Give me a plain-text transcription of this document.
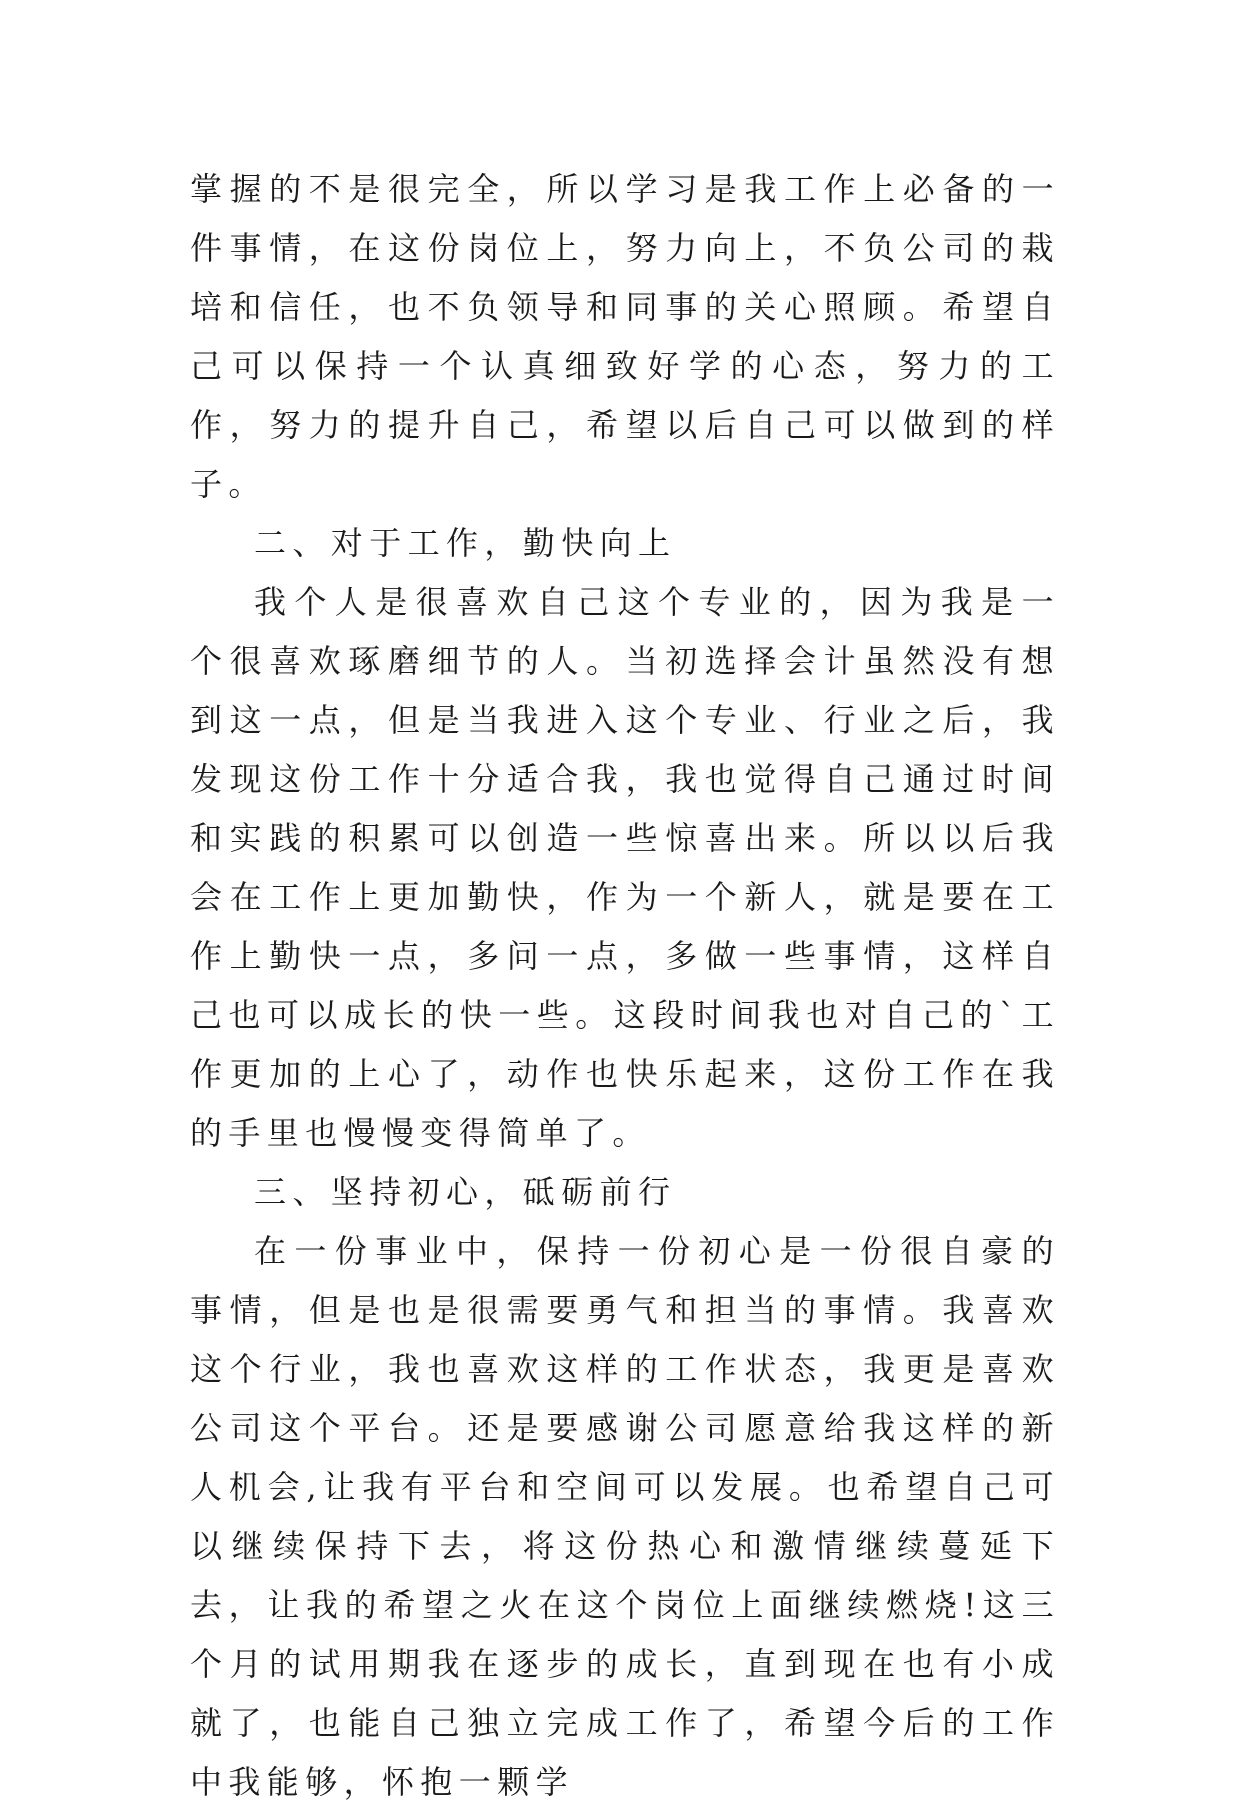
掌握的不是很完全，所以学习是我工作上必备的一件事情，在这份岗位上，努力向上，不负公司的栽培和信任，也不负领导和同事的关心照顾。希望自己可以保持一个认真细致好学的心态，努力的工作，努力的提升自己，希望以后自己可以做到的样子。

二、对于工作，勤快向上

我个人是很喜欢自己这个专业的，因为我是一个很喜欢琢磨细节的人。当初选择会计虽然没有想到这一点，但是当我进入这个专业、行业之后，我发现这份工作十分适合我，我也觉得自己通过时间和实践的积累可以创造一些惊喜出来。所以以后我会在工作上更加勤快，作为一个新人，就是要在工作上勤快一点，多问一点，多做一些事情，这样自己也可以成长的快一些。这段时间我也对自己的`工作更加的上心了，动作也快乐起来，这份工作在我的手里也慢慢变得简单了。

三、坚持初心，砥砺前行

在一份事业中，保持一份初心是一份很自豪的事情，但是也是很需要勇气和担当的事情。我喜欢这个行业，我也喜欢这样的工作状态，我更是喜欢公司这个平台。还是要感谢公司愿意给我这样的新人机会,让我有平台和空间可以发展。也希望自己可以继续保持下去，将这份热心和激情继续蔓延下去，让我的希望之火在这个岗位上面继续燃烧!这三个月的试用期我在逐步的成长，直到现在也有小成就了，也能自己独立完成工作了，希望今后的工作中我能够，怀抱一颗学
